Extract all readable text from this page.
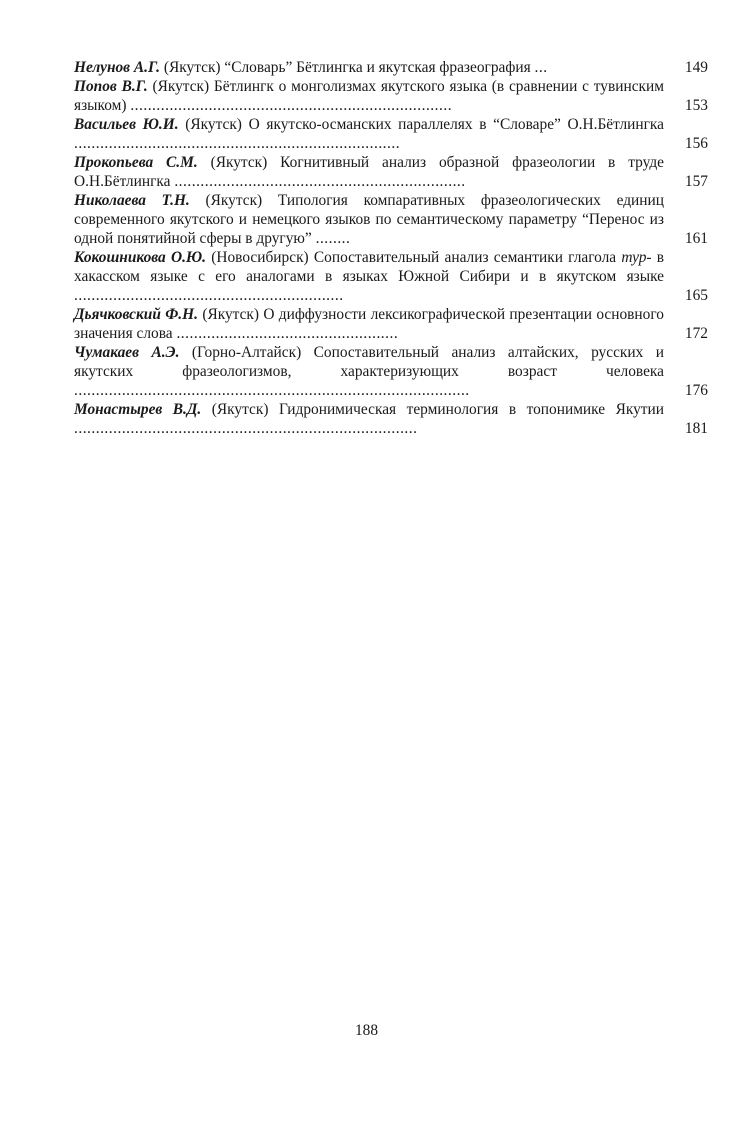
Нелунов А.Г. (Якутск) “Словарь” Бётлингка и якутская фразеография ...	149
Попов В.Г. (Якутск) Бётлингк о монголизмах якутского языка (в сравнении с тувинским языком) ..........................................................................	153
Васильев Ю.И. (Якутск) О якутско-османских параллелях в “Словаре” О.Н.Бётлингка ...........................................................................	156
Прокопьева С.М. (Якутск) Когнитивный анализ образной фразеологии в труде О.Н.Бётлингка ...................................................................	157
Николаева Т.Н. (Якутск) Типология компаративных фразеологических единиц современного якутского и немецкого языков по семантическому параметру “Перенос из одной понятийной сферы в другую” ........	161
Кокошникова О.Ю. (Новосибирск) Сопоставительный анализ семантики глагола тур- в хакасском языке с его аналогами в языках Южной Сибири и в якутском языке ..............................................................	165
Дьячковский Ф.Н. (Якутск) О диффузности лексикографической презентации основного значения слова ...................................................	172
Чумакаев А.Э. (Горно-Алтайск) Сопоставительный анализ алтайских, русских и якутских фразеологизмов, характеризующих возраст человека ...........................................................................................	176
Монастырев В.Д. (Якутск) Гидронимическая терминология в топонимике Якутии ...............................................................................	181
188
